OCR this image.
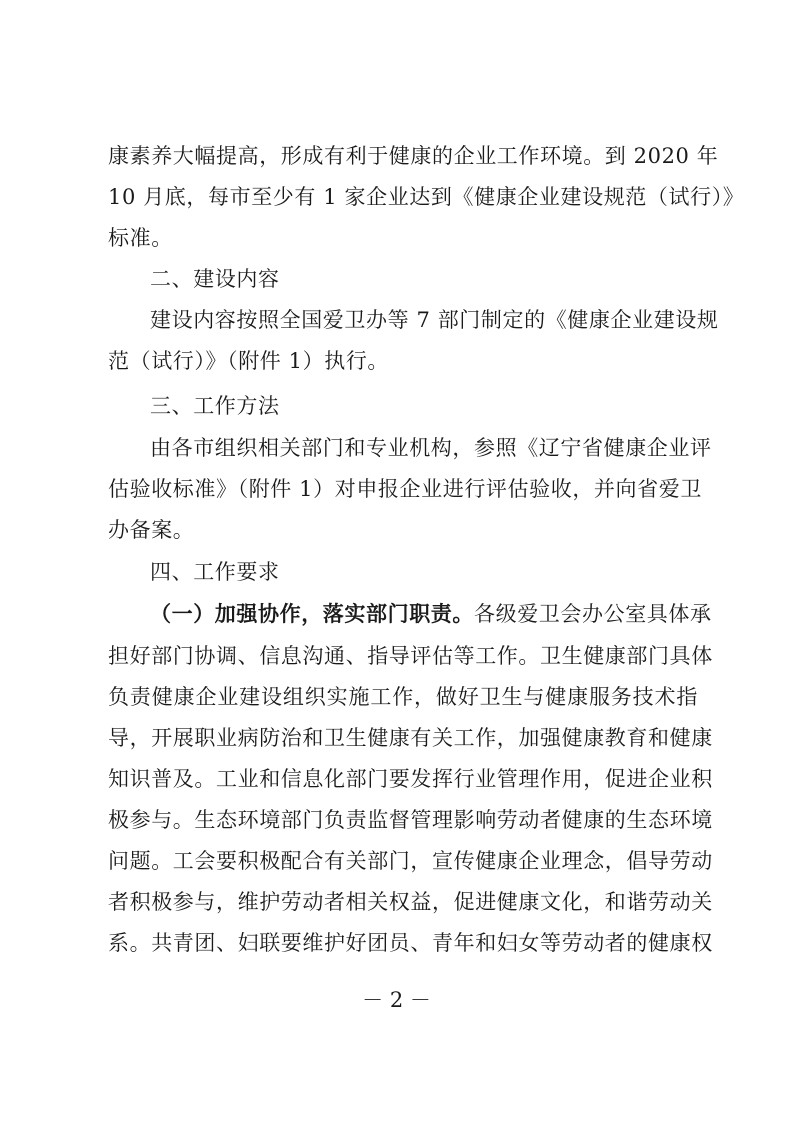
康素养大幅提高，形成有利于健康的企业工作环境。到 2020 年
10 月底，每市至少有 1 家企业达到《健康企业建设规范（试行）》
标准。
二、建设内容
建设内容按照全国爱卫办等 7 部门制定的《健康企业建设规
范（试行）》（附件 1）执行。
三、工作方法
由各市组织相关部门和专业机构，参照《辽宁省健康企业评
估验收标准》（附件 1）对申报企业进行评估验收，并向省爱卫
办备案。
四、工作要求
（一）加强协作，落实部门职责。各级爱卫会办公室具体承
担好部门协调、信息沟通、指导评估等工作。卫生健康部门具体
负责健康企业建设组织实施工作，做好卫生与健康服务技术指
导，开展职业病防治和卫生健康有关工作，加强健康教育和健康
知识普及。工业和信息化部门要发挥行业管理作用，促进企业积
极参与。生态环境部门负责监督管理影响劳动者健康的生态环境
问题。工会要积极配合有关部门，宣传健康企业理念，倡导劳动
者积极参与，维护劳动者相关权益，促进健康文化，和谐劳动关
系。共青团、妇联要维护好团员、青年和妇女等劳动者的健康权
－ 2 －
